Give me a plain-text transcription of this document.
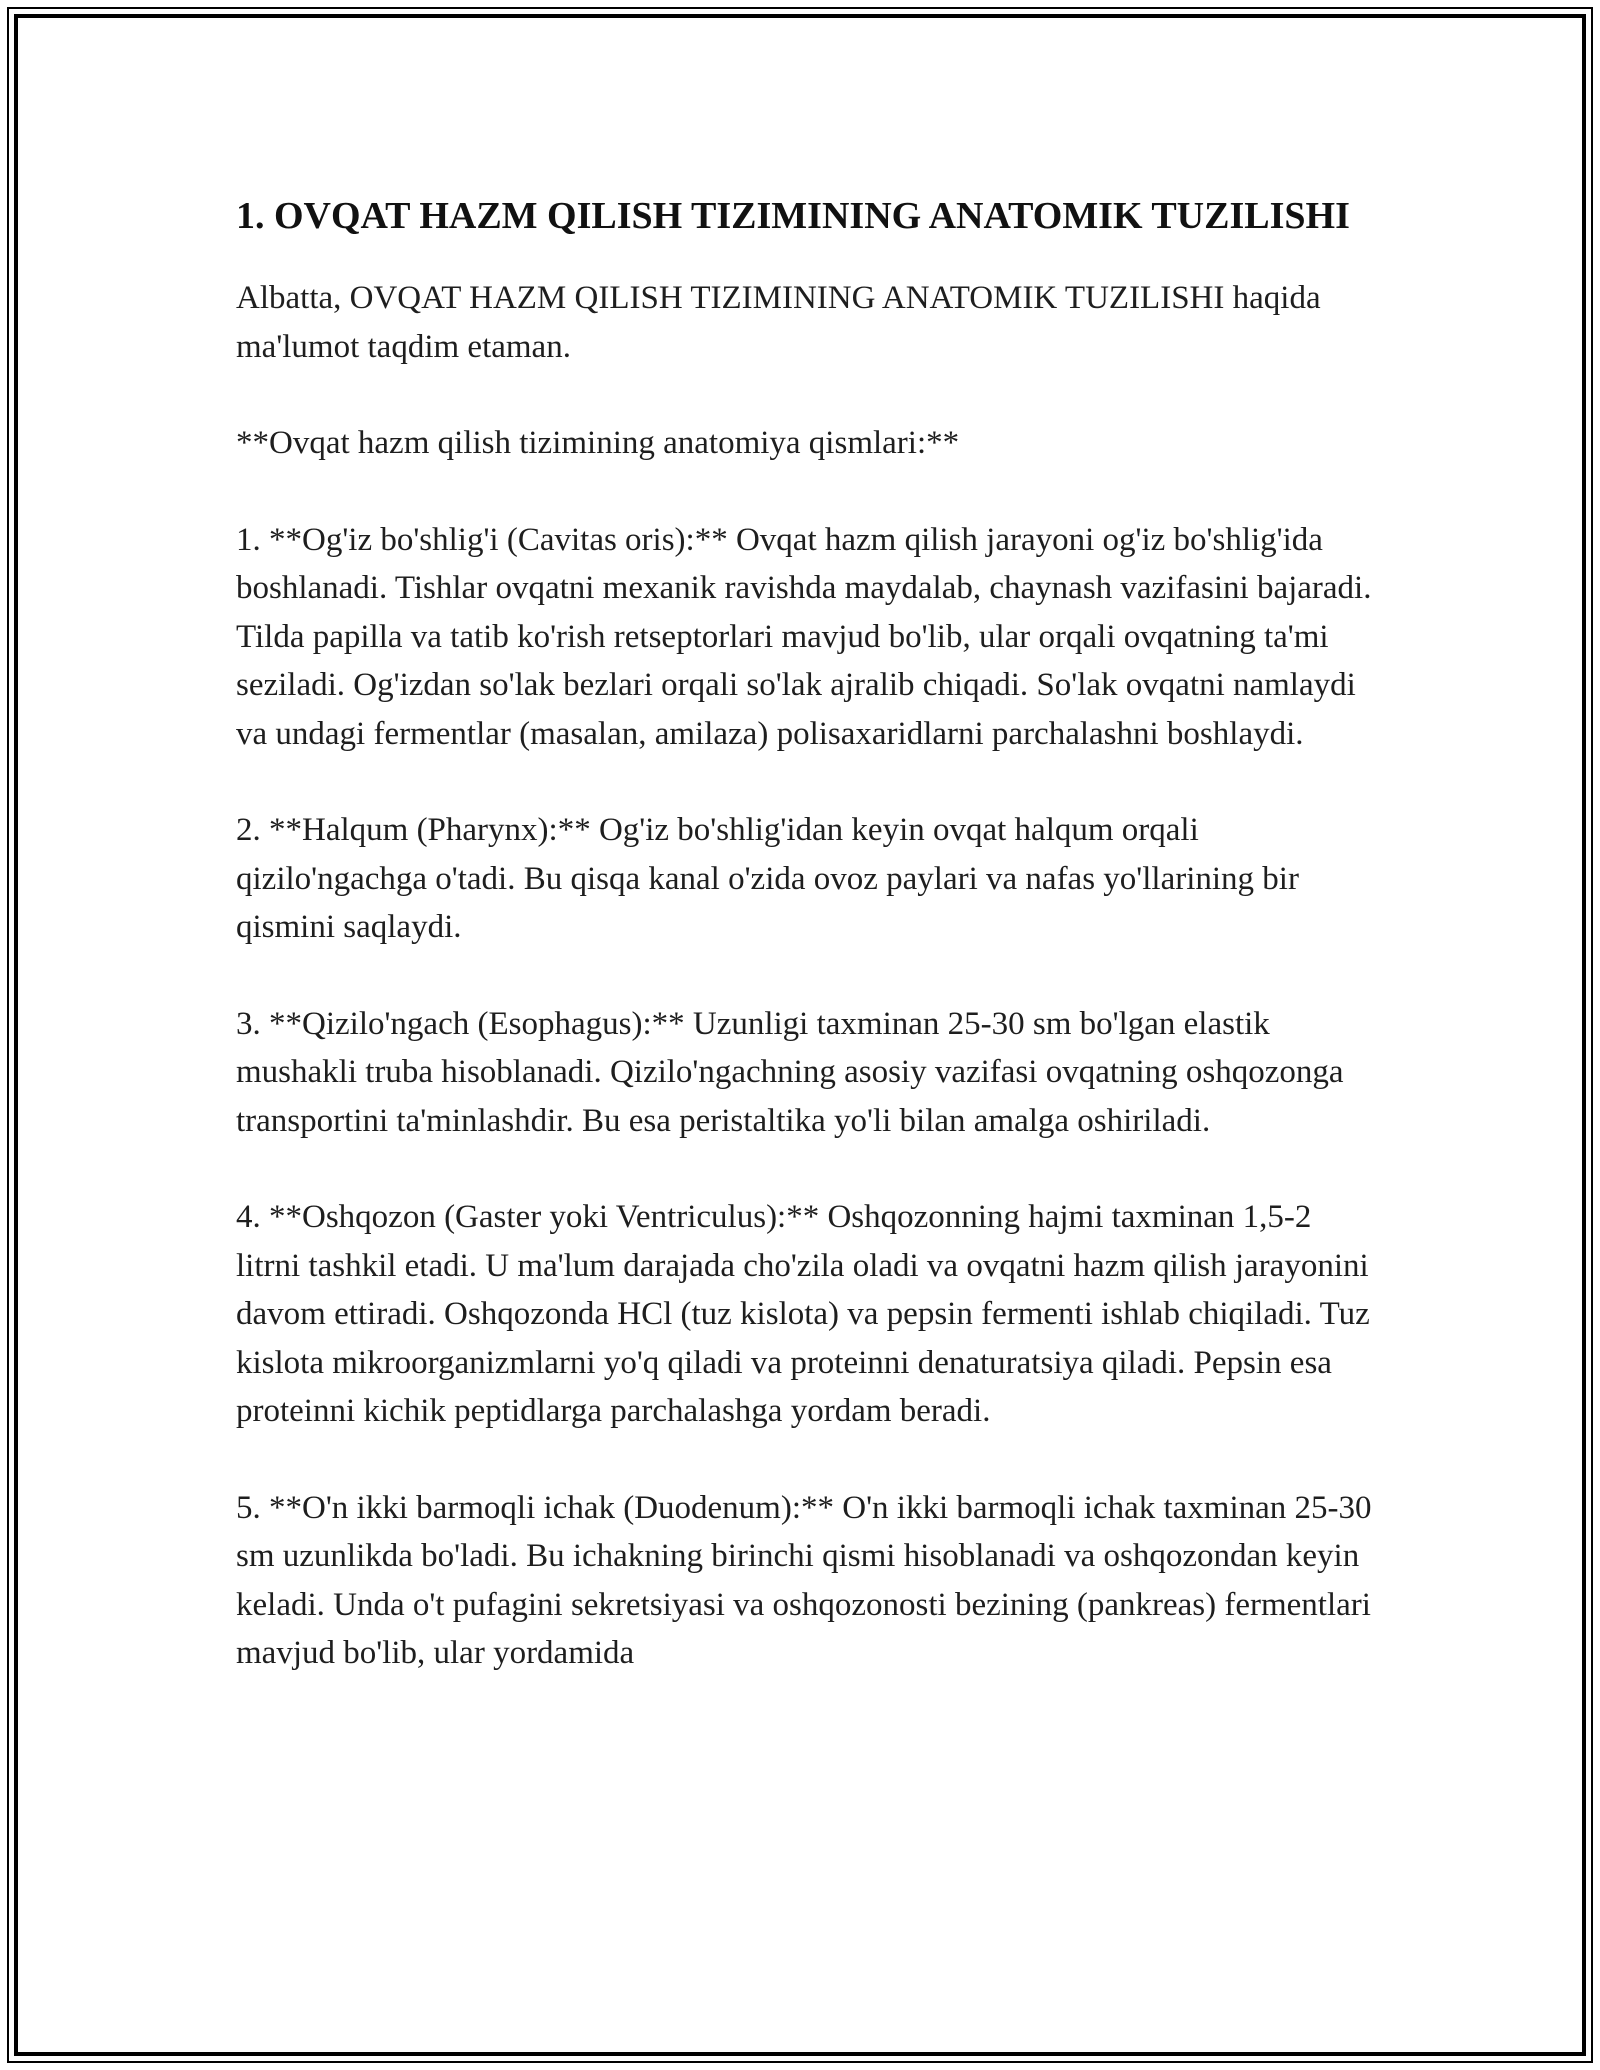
1. OVQAT HAZM QILISH TIZIMINING ANATOMIK TUZILISHI

Albatta, OVQAT HAZM QILISH TIZIMINING ANATOMIK TUZILISHI haqida ma'lumot taqdim etaman.

**Ovqat hazm qilish tizimining anatomiya qismlari:**

1. **Og'iz bo'shlig'i (Cavitas oris):** Ovqat hazm qilish jarayoni og'iz bo'shlig'ida boshlanadi. Tishlar ovqatni mexanik ravishda maydalab, chaynash vazifasini bajaradi. Tilda papilla va tatib ko'rish retseptorlari mavjud bo'lib, ular orqali ovqatning ta'mi seziladi. Og'izdan so'lak bezlari orqali so'lak ajralib chiqadi. So'lak ovqatni namlaydi va undagi fermentlar (masalan, amilaza) polisaxaridlarni parchalashni boshlaydi.

2. **Halqum (Pharynx):** Og'iz bo'shlig'idan keyin ovqat halqum orqali qizilo'ngachga o'tadi. Bu qisqa kanal o'zida ovoz paylari va nafas yo'llarining bir qismini saqlaydi.

3. **Qizilo'ngach (Esophagus):** Uzunligi taxminan 25-30 sm bo'lgan elastik mushakli truba hisoblanadi. Qizilo'ngachning asosiy vazifasi ovqatning oshqozonga transportini ta'minlashdir. Bu esa peristaltika yo'li bilan amalga oshiriladi.

4. **Oshqozon (Gaster yoki Ventriculus):** Oshqozonning hajmi taxminan 1,5-2 litrni tashkil etadi. U ma'lum darajada cho'zila oladi va ovqatni hazm qilish jarayonini davom ettiradi. Oshqozonda HCl (tuz kislota) va pepsin fermenti ishlab chiqiladi. Tuz kislota mikroorganizmlarni yo'q qiladi va proteinni denaturatsiya qiladi. Pepsin esa proteinni kichik peptidlarga parchalashga yordam beradi.

5. **O'n ikki barmoqli ichak (Duodenum):** O'n ikki barmoqli ichak taxminan 25-30 sm uzunlikda bo'ladi. Bu ichakning birinchi qismi hisoblanadi va oshqozondan keyin keladi. Unda o't pufagini sekretsiyasi va oshqozonosti bezining (pankreas) fermentlari mavjud bo'lib, ular yordamida
